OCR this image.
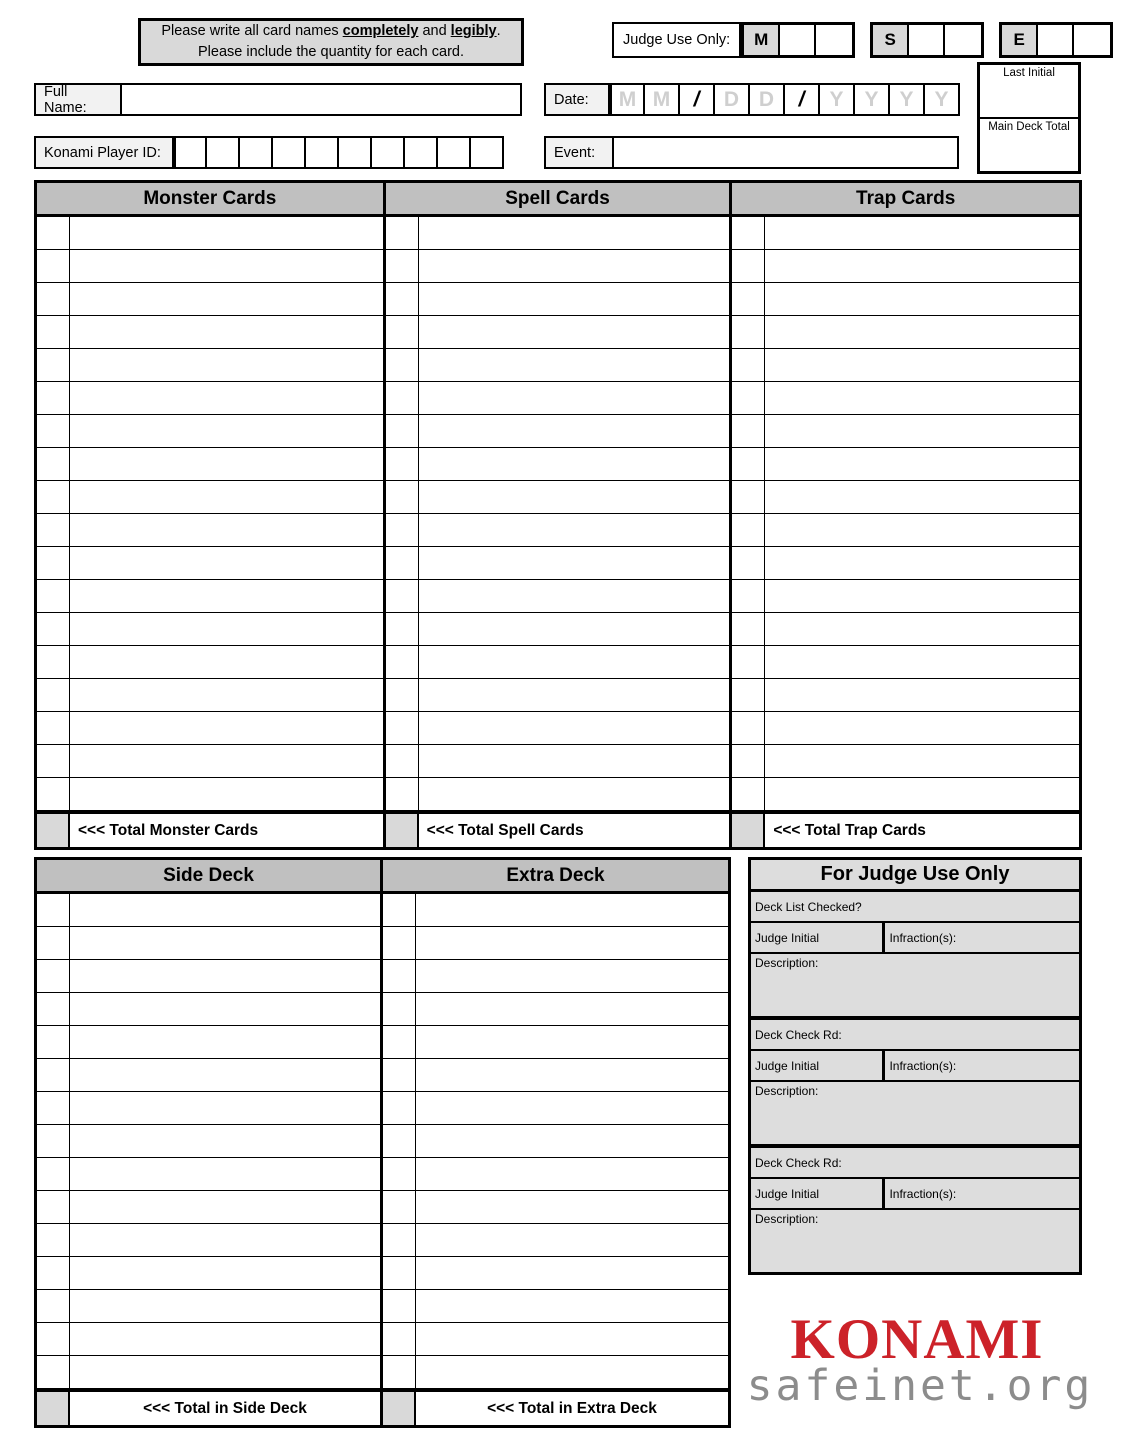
Please write all card names completely and legibly.
Please include the quantity for each card.
Judge Use Only:	M	S	E
Last Initial
Main Deck Total
Full Name:
Konami Player ID:
Date:	M M	/	D D	/	Y Y Y Y
Event:
Monster Cards	Spell Cards	Trap Cards
<<< Total Monster Cards	<<< Total Spell Cards	<<< Total Trap Cards
Side Deck	Extra Deck
<<< Total in Side Deck	<<< Total in Extra Deck
For Judge Use Only
Deck List Checked?
Judge Initial	Infraction(s):
Description:
Deck Check Rd:
Judge Initial	Infraction(s):
Description:
Deck Check Rd:
Judge Initial	Infraction(s):
Description:
KONAMI
safeinet.org
